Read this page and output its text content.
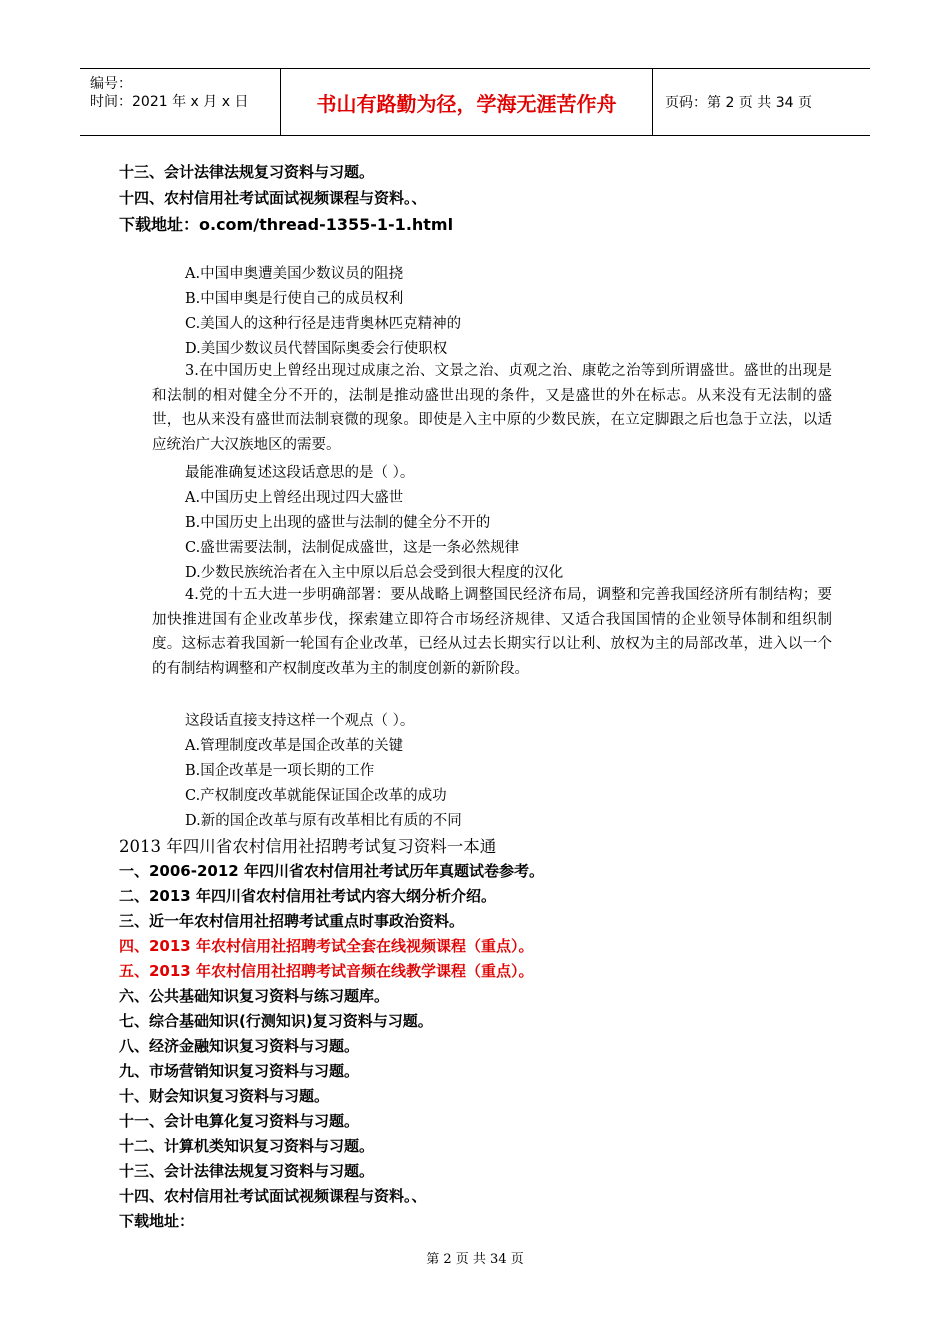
编号：
时间：2021 年 x 月 x 日	书山有路勤为径，学海无涯苦作舟	页码：第 2 页 共 34 页
十三、会计法律法规复习资料与习题。
十四、农村信用社考试面试视频课程与资料。、
下载地址：o.com/thread-1355-1-1.html
A.中国申奥遭美国少数议员的阻挠
B.中国申奥是行使自己的成员权利
C.美国人的这种行径是违背奥林匹克精神的
D.美国少数议员代替国际奥委会行使职权
3.在中国历史上曾经出现过成康之治、文景之治、贞观之治、康乾之治等到所谓盛世。盛世的出现是和法制的相对健全分不开的，法制是推动盛世出现的条件，又是盛世的外在标志。从来没有无法制的盛世，也从来没有盛世而法制衰微的现象。即使是入主中原的少数民族，在立定脚跟之后也急于立法，以适应统治广大汉族地区的需要。
最能准确复述这段话意思的是（ ）。
A.中国历史上曾经出现过四大盛世
B.中国历史上出现的盛世与法制的健全分不开的
C.盛世需要法制，法制促成盛世，这是一条必然规律
D.少数民族统治者在入主中原以后总会受到很大程度的汉化
4.党的十五大进一步明确部署：要从战略上调整国民经济布局，调整和完善我国经济所有制结构；要加快推进国有企业改革步伐，探索建立即符合市场经济规律、又适合我国国情的企业领导体制和组织制度。这标志着我国新一轮国有企业改革，已经从过去长期实行以让利、放权为主的局部改革，进入以一个的有制结构调整和产权制度改革为主的制度创新的新阶段。
这段话直接支持这样一个观点（ ）。
A.管理制度改革是国企改革的关键
B.国企改革是一项长期的工作
C.产权制度改革就能保证国企改革的成功
D.新的国企改革与原有改革相比有质的不同
2013 年四川省农村信用社招聘考试复习资料一本通
一、2006-2012 年四川省农村信用社考试历年真题试卷参考。
二、2013 年四川省农村信用社考试内容大纲分析介绍。
三、近一年农村信用社招聘考试重点时事政治资料。
四、2013 年农村信用社招聘考试全套在线视频课程（重点）。
五、2013 年农村信用社招聘考试音频在线教学课程（重点）。
六、公共基础知识复习资料与练习题库。
七、综合基础知识(行测知识)复习资料与习题。
八、经济金融知识复习资料与习题。
九、市场营销知识复习资料与习题。
十、财会知识复习资料与习题。
十一、会计电算化复习资料与习题。
十二、计算机类知识复习资料与习题。
十三、会计法律法规复习资料与习题。
十四、农村信用社考试面试视频课程与资料。、
下载地址：
第 2 页 共 34 页
